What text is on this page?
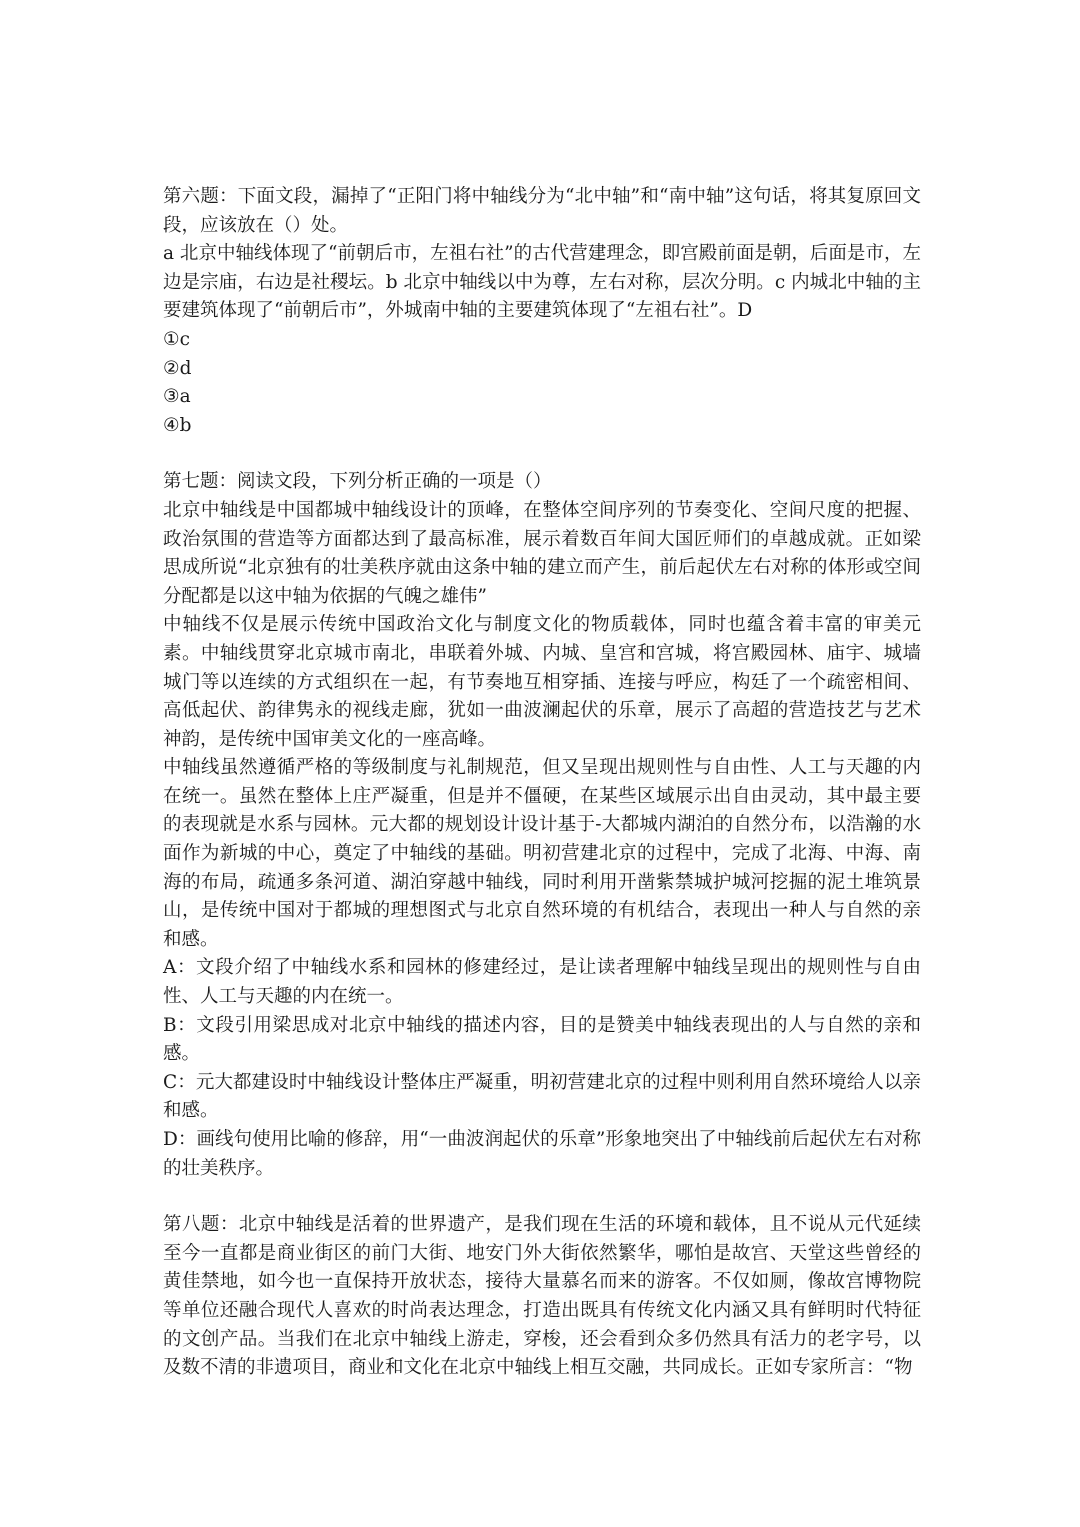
第六题：下面文段，漏掉了“正阳门将中轴线分为“北中轴”和“南中轴”这句话，将其复原回文段，应该放在（）处。

a 北京中轴线体现了“前朝后市，左祖右社”的古代营建理念，即宫殿前面是朝，后面是市，左边是宗庙，右边是社稷坛。b 北京中轴线以中为尊，左右对称，层次分明。c 内城北中轴的主要建筑体现了“前朝后市”，外城南中轴的主要建筑体现了“左祖右社”。D

①c

②d

③a

④b

第七题：阅读文段，下列分析正确的一项是（）

北京中轴线是中国都城中轴线设计的顶峰，在整体空间序列的节奏变化、空间尺度的把握、政治氛围的营造等方面都达到了最高标准，展示着数百年间大国匠师们的卓越成就。正如梁思成所说“北京独有的壮美秩序就由这条中轴的建立而产生，前后起伏左右对称的体形或空间分配都是以这中轴为依据的气魄之雄伟”

中轴线不仅是展示传统中国政治文化与制度文化的物质载体，同时也蕴含着丰富的审美元素。中轴线贯穿北京城市南北，串联着外城、内城、皇宫和宫城，将宫殿园林、庙宇、城墙城门等以连续的方式组织在一起，有节奏地互相穿插、连接与呼应，构廷了一个疏密相间、高低起伏、韵律隽永的视线走廊，犹如一曲波澜起伏的乐章，展示了高超的营造技艺与艺术神韵，是传统中国审美文化的一座高峰。

中轴线虽然遵循严格的等级制度与礼制规范，但又呈现出规则性与自由性、人工与天趣的内在统一。虽然在整体上庄严凝重，但是并不僵硬，在某些区域展示出自由灵动，其中最主要的表现就是水系与园林。元大都的规划设计设计基于-大都城内湖泊的自然分布，以浩瀚的水面作为新城的中心，奠定了中轴线的基础。明初营建北京的过程中，完成了北海、中海、南海的布局，疏通多条河道、湖泊穿越中轴线，同时利用开凿紫禁城护城河挖掘的泥土堆筑景山，是传统中国对于都城的理想图式与北京自然环境的有机结合，表现出一种人与自然的亲和感。

A：文段介绍了中轴线水系和园林的修建经过，是让读者理解中轴线呈现出的规则性与自由性、人工与天趣的内在统一。

B：文段引用梁思成对北京中轴线的描述内容，目的是赞美中轴线表现出的人与自然的亲和感。

C：元大都建设时中轴线设计整体庄严凝重，明初营建北京的过程中则利用自然环境给人以亲和感。

D：画线句使用比喻的修辞，用“一曲波润起伏的乐章”形象地突出了中轴线前后起伏左右对称的壮美秩序。

第八题：北京中轴线是活着的世界遗产，是我们现在生活的环境和载体，且不说从元代延续至今一直都是商业街区的前门大街、地安门外大街依然繁华，哪怕是故宫、天堂这些曾经的黄佳禁地，如今也一直保持开放状态，接待大量慕名而来的游客。不仅如厕，像故宫博物院等单位还融合现代人喜欢的时尚表达理念，打造出既具有传统文化内涵又具有鲜明时代特征的文创产品。当我们在北京中轴线上游走，穿梭，还会看到众多仍然具有活力的老字号，以及数不清的非遗项目，商业和文化在北京中轴线上相互交融，共同成长。正如专家所言：“物
